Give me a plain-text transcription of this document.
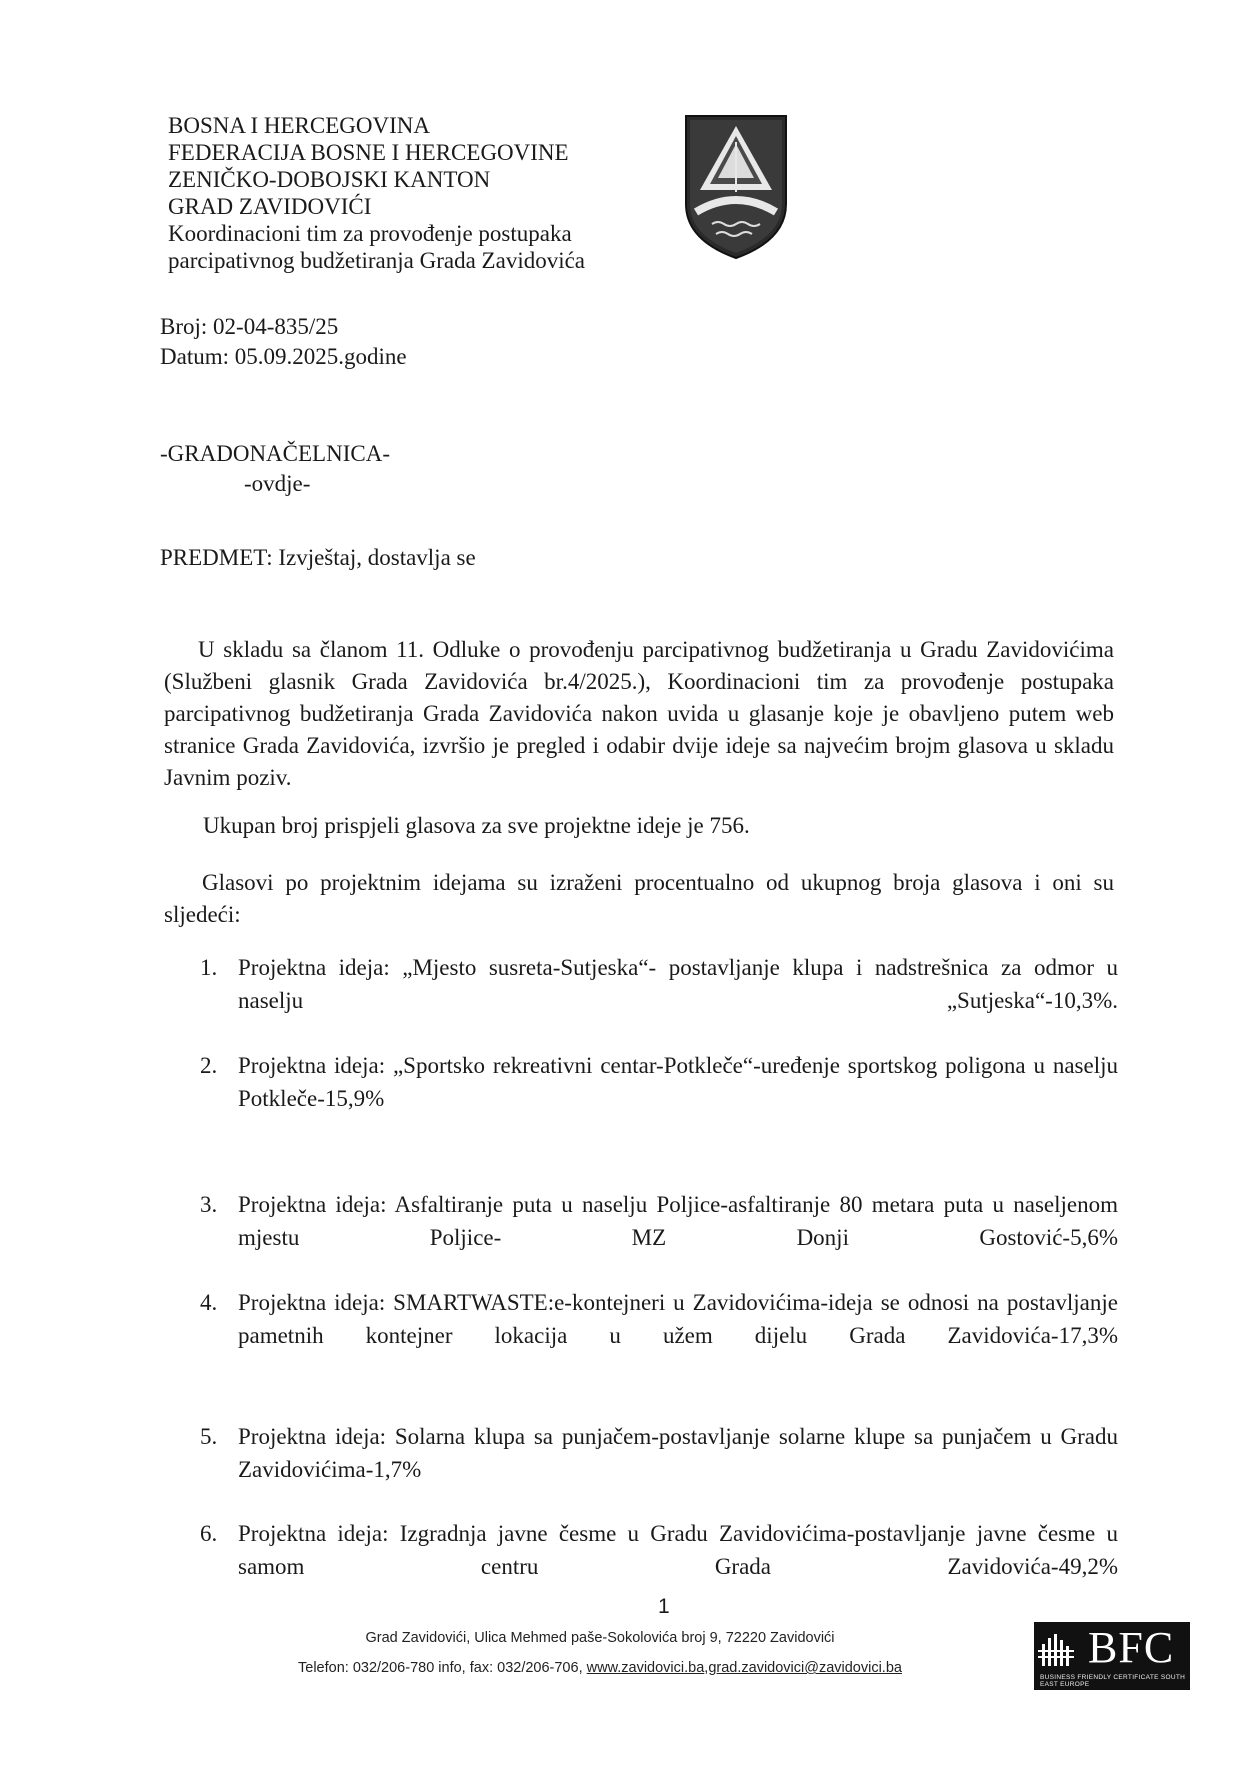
BOSNA I HERCEGOVINA
FEDERACIJA BOSNE I HERCEGOVINE
ZENIČKO-DOBOJSKI KANTON
GRAD ZAVIDOVIĆI
Koordinacioni tim za provođenje postupaka
parcipativnog budžetiranja Grada Zavidovića
Broj: 02-04-835/25
Datum: 05.09.2025.godine
-GRADONAČELNICA-
-ovdje-
PREDMET: Izvještaj, dostavlja se
U skladu sa članom 11. Odluke o provođenju parcipativnog budžetiranja u Gradu Zavidovićima (Službeni glasnik Grada Zavidovića br.4/2025.), Koordinacioni tim za provođenje postupaka parcipativnog budžetiranja Grada Zavidovića nakon uvida u glasanje koje je obavljeno putem web stranice Grada Zavidovića, izvršio je pregled i odabir dvije ideje sa najvećim brojm glasova u skladu Javnim poziv.
Ukupan broj prispjeli glasova za sve projektne ideje je 756.
Glasovi po projektnim idejama su izraženi procentualno od ukupnog broja glasova i oni su sljedeći:
1. Projektna ideja: „Mjesto susreta-Sutjeska“- postavljanje klupa i nadstrešnica za odmor u naselju „Sutjeska“-10,3%.
2. Projektna ideja: „Sportsko rekreativni centar-Potkleče“-uređenje sportskog poligona u naselju Potkleče-15,9%
3. Projektna ideja: Asfaltiranje puta u naselju Poljice-asfaltiranje 80 metara puta u naseljenom mjestu Poljice- MZ Donji Gostović-5,6%
4. Projektna ideja: SMARTWASTE:e-kontejneri u Zavidovićima-ideja se odnosi na postavljanje pametnih kontejner lokacija u užem dijelu Grada Zavidovića-17,3%
5. Projektna ideja: Solarna klupa sa punjačem-postavljanje solarne klupe sa punjačem u Gradu Zavidovićima-1,7%
6. Projektna ideja: Izgradnja javne česme u Gradu Zavidovićima-postavljanje javne česme u samom centru Grada Zavidovića-49,2%
1
Grad Zavidovići, Ulica Mehmed paše-Sokolovića broj 9, 72220 Zavidovići
Telefon: 032/206-780 info, fax: 032/206-706, www.zavidovici.ba,grad.zavidovici@zavidovici.ba	BFC
BUSINESS FRIENDLY CERTIFICATE SOUTH EAST EUROPE
